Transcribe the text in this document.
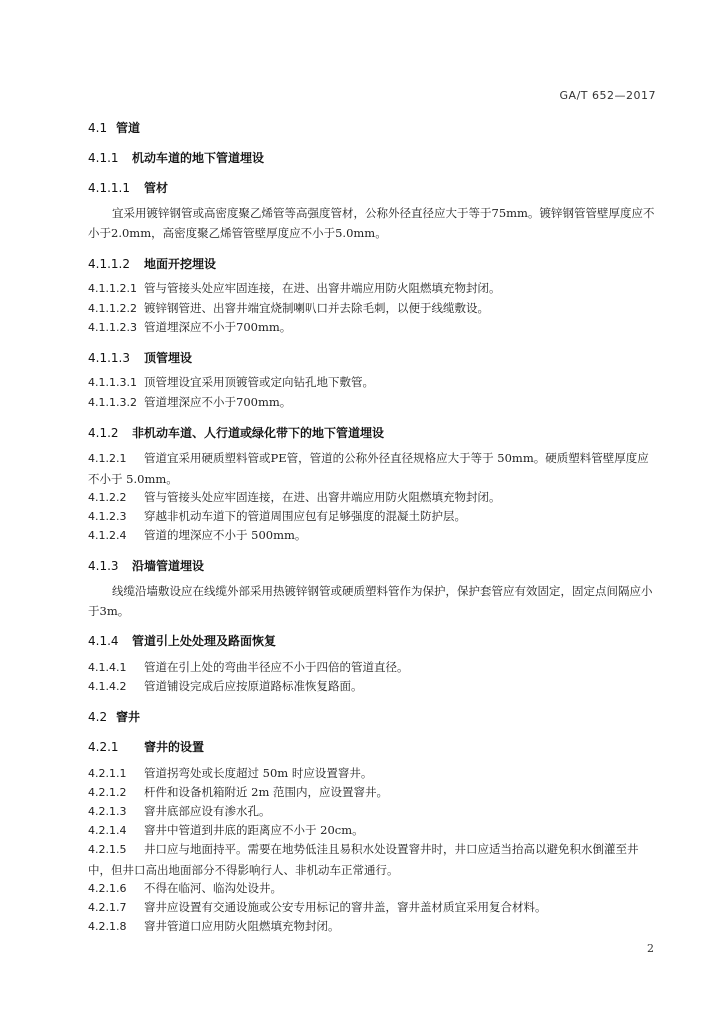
GA/T 652—2017
4.1 管道
4.1.1 机动车道的地下管道埋设
4.1.1.1 管材
宜采用镀锌钢管或高密度聚乙烯管等高强度管材，公称外径直径应大于等于75mm。镀锌钢管管壁厚度应不小于2.0mm，高密度聚乙烯管管壁厚度应不小于5.0mm。
4.1.1.2 地面开挖埋设
4.1.1.2.1 管与管接头处应牢固连接，在进、出窨井端应用防火阻燃填充物封闭。
4.1.1.2.2 镀锌钢管进、出窨井端宜烧制喇叭口并去除毛刺，以便于线缆敷设。
4.1.1.2.3 管道埋深应不小于700mm。
4.1.1.3 顶管埋设
4.1.1.3.1 顶管埋设宜采用顶镀管或定向钻孔地下敷管。
4.1.1.3.2 管道埋深应不小于700mm。
4.1.2 非机动车道、人行道或绿化带下的地下管道埋设
4.1.2.1 管道宜采用硬质塑料管或PE管，管道的公称外径直径规格应大于等于 50mm。硬质塑料管壁厚度应不小于 5.0mm。
4.1.2.2 管与管接头处应牢固连接，在进、出窨井端应用防火阻燃填充物封闭。
4.1.2.3 穿越非机动车道下的管道周围应包有足够强度的混凝土防护层。
4.1.2.4 管道的埋深应不小于 500mm。
4.1.3 沿墙管道埋设
线缆沿墙敷设应在线缆外部采用热镀锌钢管或硬质塑料管作为保护，保护套管应有效固定，固定点间隔应小于3m。
4.1.4 管道引上处处理及路面恢复
4.1.4.1 管道在引上处的弯曲半径应不小于四倍的管道直径。
4.1.4.2 管道铺设完成后应按原道路标准恢复路面。
4.2 窨井
4.2.1 窨井的设置
4.2.1.1 管道拐弯处或长度超过 50m 时应设置窨井。
4.2.1.2 杆件和设备机箱附近 2m 范围内，应设置窨井。
4.2.1.3 窨井底部应设有渗水孔。
4.2.1.4 窨井中管道到井底的距离应不小于 20cm。
4.2.1.5 井口应与地面持平。需要在地势低洼且易积水处设置窨井时，井口应适当抬高以避免积水倒灌至井中，但井口高出地面部分不得影响行人、非机动车正常通行。
4.2.1.6 不得在临河、临沟处设井。
4.2.1.7 窨井应设置有交通设施或公安专用标记的窨井盖，窨井盖材质宜采用复合材料。
4.2.1.8 窨井管道口应用防火阻燃填充物封闭。
2
